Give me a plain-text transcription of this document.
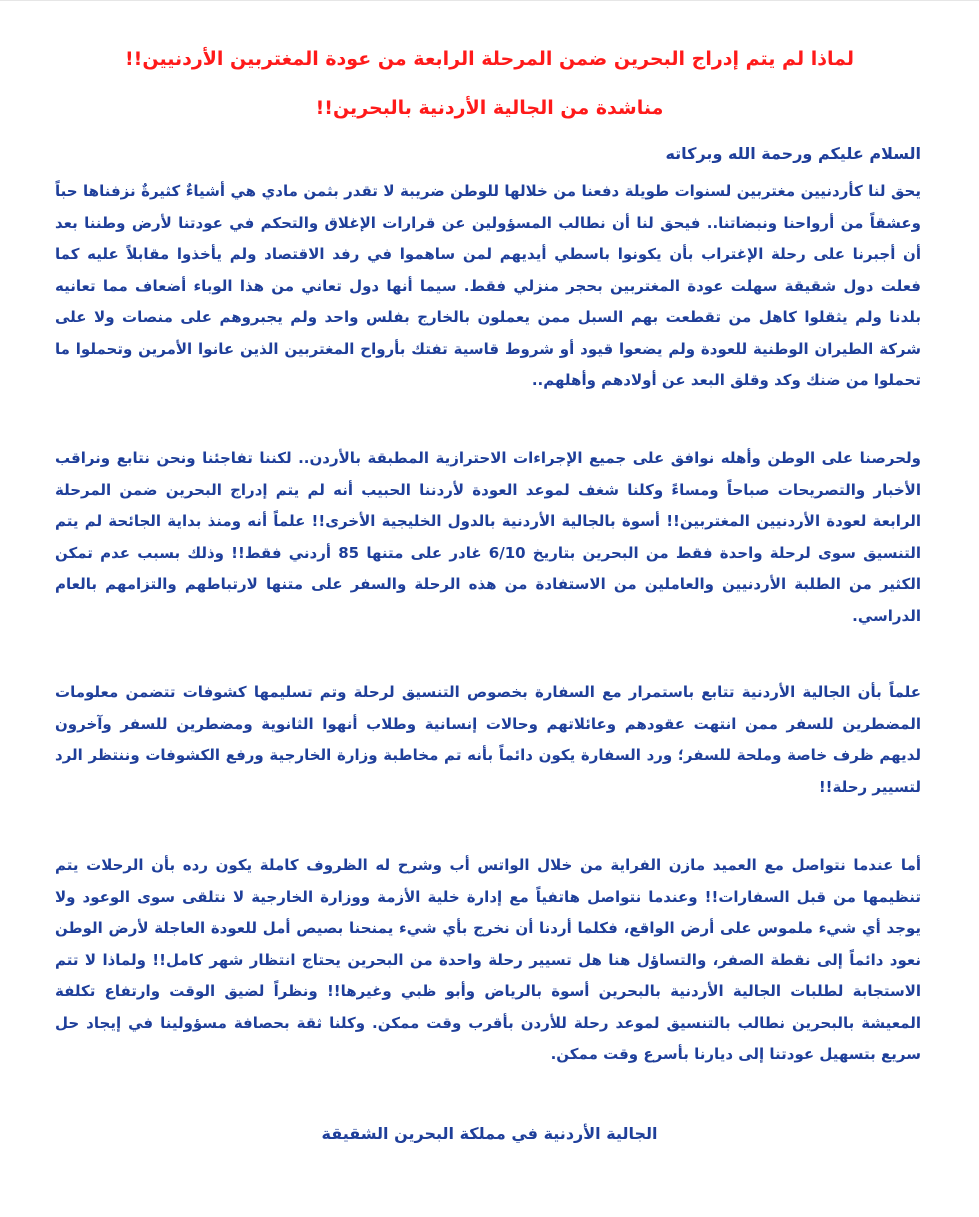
لماذا لم يتم إدراج البحرين ضمن المرحلة الرابعة من عودة المغتربين الأردنيين!!
مناشدة من الجالية الأردنية بالبحرين!!
السلام عليكم ورحمة الله وبركاته

يحق لنا كأردنيين مغتربين لسنوات طويلة دفعنا من خلالها للوطن ضريبة لا تقدر بثمن مادي هي أشياءٌ كثيرةٌ نزفناها حباً وعشقاً من أرواحنا ونبضاتنا.. فيحق لنا أن نطالب المسؤولين عن قرارات الإغلاق والتحكم في عودتنا لأرض وطننا بعد أن أجبرنا على رحلة الإغتراب بأن يكونوا باسطي أيديهم لمن ساهموا في رفد الاقتصاد ولم يأخذوا مقابلاً عليه كما فعلت دول شقيقة سهلت عودة المغتربين بحجر منزلي فقط. سيما أنها دول تعاني من هذا الوباء أضعاف مما تعانيه بلدنا ولم يثقلوا كاهل من تقطعت بهم السبل ممن يعملون بالخارج بفلس واحد ولم يجبروهم على منصات ولا على شركة الطيران الوطنية للعودة ولم يضعوا قيود أو شروط قاسية تفتك بأرواح المغتربين الذين عانوا الأمرين وتحملوا ما تحملوا من ضنك وكد وقلق البعد عن أولادهم وأهلهم..

ولحرصنا على الوطن وأهله نوافق على جميع الإجراءات الاحترازية المطبقة بالأردن.. لكننا تفاجئنا ونحن نتابع ونراقب الأخبار والتصريحات صباحاً ومساءً وكلنا شغف لموعد العودة لأردننا الحبيب أنه لم يتم إدراج البحرين ضمن المرحلة الرابعة لعودة الأردنيين المغتربين!! أسوة بالجالية الأردنية بالدول الخليجية الأخرى!! علماً أنه ومنذ بداية الجائحة لم يتم التنسيق سوى لرحلة واحدة فقط من البحرين بتاريخ 6/10 غادر على متنها 85 أردني فقط!! وذلك بسبب عدم تمكن الكثير من الطلبة الأردنيين والعاملين من الاستفادة من هذه الرحلة والسفر على متنها لارتباطهم والتزامهم بالعام الدراسي.

علماً بأن الجالية الأردنية تتابع باستمرار مع السفارة بخصوص التنسيق لرحلة وتم تسليمها كشوفات تتضمن معلومات المضطرين للسفر ممن انتهت عقودهم وعائلاتهم وحالات إنسانية وطلاب أنهوا الثانوية ومضطرين للسفر وآخرون لديهم ظرف خاصة وملحة للسفر؛ ورد السفارة يكون دائماً بأنه تم مخاطبة وزارة الخارجية ورفع الكشوفات وننتظر الرد لتسيير رحلة!!

أما عندما نتواصل مع العميد مازن الفراية من خلال الواتس أب وشرح له الظروف كاملة يكون رده بأن الرحلات يتم تنظيمها من قبل السفارات!! وعندما نتواصل هاتفياً مع إدارة خلية الأزمة ووزارة الخارجية لا نتلقى سوى الوعود ولا يوجد أي شيء ملموس على أرض الواقع، فكلما أردنا أن نخرج بأي شيء يمنحنا بصيص أمل للعودة العاجلة لأرض الوطن نعود دائماً إلى نقطة الصفر، والتساؤل هنا هل تسيير رحلة واحدة من البحرين يحتاج انتظار شهر كامل!! ولماذا لا تتم الاستجابة لطلبات الجالية الأردنية بالبحرين أسوة بالرياض وأبو ظبي وغيرها!! ونظراً لضيق الوقت وارتفاع تكلفة المعيشة بالبحرين نطالب بالتنسيق لموعد رحلة للأردن بأقرب وقت ممكن. وكلنا ثقة بحصافة مسؤولينا في إيجاد حل سريع بتسهيل عودتنا إلى ديارنا بأسرع وقت ممكن.

الجالية الأردنية في مملكة البحرين الشقيقة
